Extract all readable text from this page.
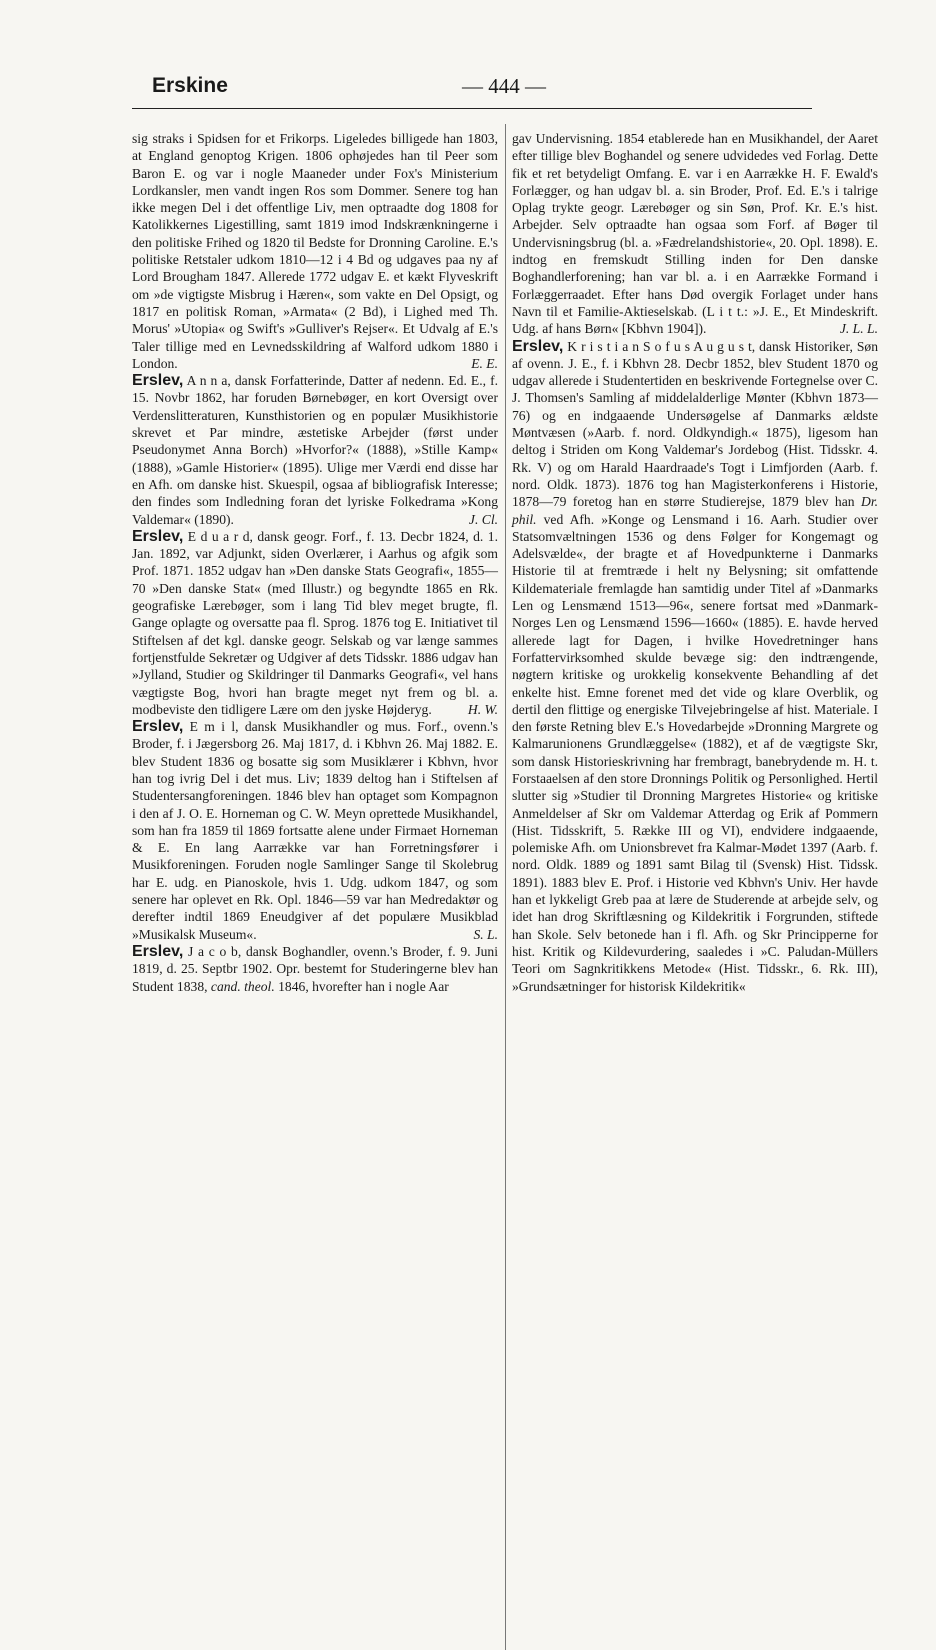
Erskine	— 444 —

sig straks i Spidsen for et Frikorps. Ligeledes billigede han 1803, at England genoptog Krigen. 1806 ophøjedes han til Peer som Baron E. og var i nogle Maaneder under Fox's Ministerium Lordkansler, men vandt ingen Ros som Dommer. Senere tog han ikke megen Del i det offentlige Liv, men optraadte dog 1808 for Katolikkernes Ligestilling, samt 1819 imod Indskrænkningerne i den politiske Frihed og 1820 til Bedste for Dronning Caroline. E.'s politiske Retstaler udkom 1810—12 i 4 Bd og udgaves paa ny af Lord Brougham 1847. Allerede 1772 udgav E. et kækt Flyveskrift om »de vigtigste Misbrug i Hæren«, som vakte en Del Opsigt, og 1817 en politisk Roman, »Armata« (2 Bd), i Lighed med Th. Morus' »Utopia« og Swift's »Gulliver's Rejser«. Et Udvalg af E.'s Taler tillige med en Levnedsskildring af Walford udkom 1880 i London.	E. E.

Erslev, A n n a, dansk Forfatterinde, Datter af nedenn. Ed. E., f. 15. Novbr 1862, har foruden Børnebøger, en kort Oversigt over Verdenslitteraturen, Kunsthistorien og en populær Musikhistorie skrevet et Par mindre, æstetiske Arbejder (først under Pseudonymet Anna Borch) »Hvorfor?« (1888), »Stille Kamp« (1888), »Gamle Historier« (1895). Ulige mer Værdi end disse har en Afh. om danske hist. Skuespil, ogsaa af bibliografisk Interesse; den findes som Indledning foran det lyriske Folkedrama »Kong Valdemar« (1890).	J. Cl.

Erslev, E d u a r d, dansk geogr. Forf., f. 13. Decbr 1824, d. 1. Jan. 1892, var Adjunkt, siden Overlærer, i Aarhus og afgik som Prof. 1871. 1852 udgav han »Den danske Stats Geografi«, 1855—70 »Den danske Stat« (med Illustr.) og begyndte 1865 en Rk. geografiske Lærebøger, som i lang Tid blev meget brugte, fl. Gange oplagte og oversatte paa fl. Sprog. 1876 tog E. Initiativet til Stiftelsen af det kgl. danske geogr. Selskab og var længe sammes fortjenstfulde Sekretær og Udgiver af dets Tidsskr. 1886 udgav han »Jylland, Studier og Skildringer til Danmarks Geografi«, vel hans vægtigste Bog, hvori han bragte meget nyt frem og bl. a. modbeviste den tidligere Lære om den jyske Højderyg.	H. W.

Erslev, E m i l, dansk Musikhandler og mus. Forf., ovenn.'s Broder, f. i Jægersborg 26. Maj 1817, d. i Kbhvn 26. Maj 1882. E. blev Student 1836 og bosatte sig som Musiklærer i Kbhvn, hvor han tog ivrig Del i det mus. Liv; 1839 deltog han i Stiftelsen af Studentersangforeningen. 1846 blev han optaget som Kompagnon i den af J. O. E. Horneman og C. W. Meyn oprettede Musikhandel, som han fra 1859 til 1869 fortsatte alene under Firmaet Horneman & E. En lang Aarrække var han Forretningsfører i Musikforeningen. Foruden nogle Samlinger Sange til Skolebrug har E. udg. en Pianoskole, hvis 1. Udg. udkom 1847, og som senere har oplevet en Rk. Opl. 1846—59 var han Medredaktør og derefter indtil 1869 Eneudgiver af det populære Musikblad »Musikalsk Museum«.	S. L.

Erslev, J a c o b, dansk Boghandler, ovenn.'s Broder, f. 9. Juni 1819, d. 25. Septbr 1902. Opr. bestemt for Studeringerne blev han Student 1838, cand. theol. 1846, hvorefter han i nogle Aar

gav Undervisning. 1854 etablerede han en Musikhandel, der Aaret efter tillige blev Boghandel og senere udvidedes ved Forlag. Dette fik et ret betydeligt Omfang. E. var i en Aarrække H. F. Ewald's Forlægger, og han udgav bl. a. sin Broder, Prof. Ed. E.'s i talrige Oplag trykte geogr. Lærebøger og sin Søn, Prof. Kr. E.'s hist. Arbejder. Selv optraadte han ogsaa som Forf. af Bøger til Undervisningsbrug (bl. a. »Fædrelandshistorie«, 20. Opl. 1898). E. indtog en fremskudt Stilling inden for Den danske Boghandlerforening; han var bl. a. i en Aarrække Formand i Forlæggerraadet. Efter hans Død overgik Forlaget under hans Navn til et Familie-Aktieselskab. (L i t t.: »J. E., Et Mindeskrift. Udg. af hans Børn« [Kbhvn 1904]).	J. L. L.

Erslev, K r i s t i a n S o f u s A u g u s t, dansk Historiker, Søn af ovenn. J. E., f. i Kbhvn 28. Decbr 1852, blev Student 1870 og udgav allerede i Studentertiden en beskrivende Fortegnelse over C. J. Thomsen's Samling af middelalderlige Mønter (Kbhvn 1873—76) og en indgaaende Undersøgelse af Danmarks ældste Møntvæsen (»Aarb. f. nord. Oldkyndigh.« 1875), ligesom han deltog i Striden om Kong Valdemar's Jordebog (Hist. Tidsskr. 4. Rk. V) og om Harald Haardraade's Togt i Limfjorden (Aarb. f. nord. Oldk. 1873). 1876 tog han Magisterkonferens i Historie, 1878—79 foretog han en større Studierejse, 1879 blev han Dr. phil. ved Afh. »Konge og Lensmand i 16. Aarh. Studier over Statsomvæltningen 1536 og dens Følger for Kongemagt og Adelsvælde«, der bragte et af Hovedpunkterne i Danmarks Historie til at fremtræde i helt ny Belysning; sit omfattende Kildemateriale fremlagde han samtidig under Titel af »Danmarks Len og Lensmænd 1513—96«, senere fortsat med »Danmark-Norges Len og Lensmænd 1596—1660« (1885). E. havde herved allerede lagt for Dagen, i hvilke Hovedretninger hans Forfattervirksomhed skulde bevæge sig: den indtrængende, nøgtern kritiske og urokkelig konsekvente Behandling af det enkelte hist. Emne forenet med det vide og klare Overblik, og dertil den flittige og energiske Tilvejebringelse af hist. Materiale. I den første Retning blev E.'s Hovedarbejde »Dronning Margrete og Kalmarunionens Grundlæggelse« (1882), et af de vægtigste Skr, som dansk Historieskrivning har frembragt, banebrydende m. H. t. Forstaaelsen af den store Dronnings Politik og Personlighed. Hertil slutter sig »Studier til Dronning Margretes Historie« og kritiske Anmeldelser af Skr om Valdemar Atterdag og Erik af Pommern (Hist. Tidsskrift, 5. Række III og VI), endvidere indgaaende, polemiske Afh. om Unionsbrevet fra Kalmar-Mødet 1397 (Aarb. f. nord. Oldk. 1889 og 1891 samt Bilag til (Svensk) Hist. Tidssk. 1891). 1883 blev E. Prof. i Historie ved Kbhvn's Univ. Her havde han et lykkeligt Greb paa at lære de Studerende at arbejde selv, og idet han drog Skriftlæsning og Kildekritik i Forgrunden, stiftede han Skole. Selv betonede han i fl. Afh. og Skr Principperne for hist. Kritik og Kildevurdering, saaledes i »C. Paludan-Müllers Teori om Sagnkritikkens Metode« (Hist. Tidsskr., 6. Rk. III), »Grundsætninger for historisk Kildekritik«
